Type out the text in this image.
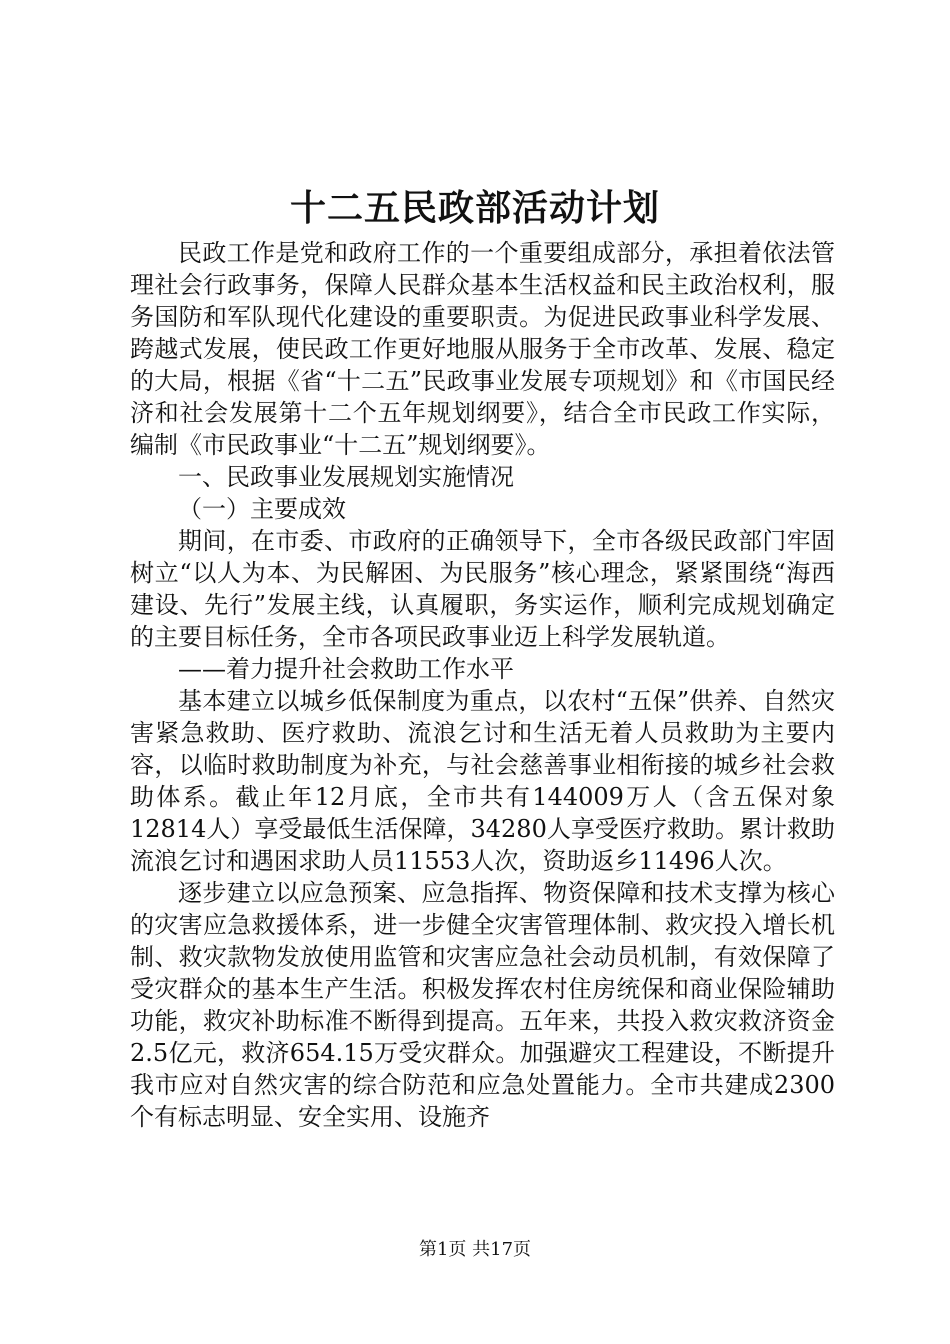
十二五民政部活动计划

民政工作是党和政府工作的一个重要组成部分，承担着依法管理社会行政事务，保障人民群众基本生活权益和民主政治权利，服务国防和军队现代化建设的重要职责。为促进民政事业科学发展、跨越式发展，使民政工作更好地服从服务于全市改革、发展、稳定的大局，根据《省“十二五”民政事业发展专项规划》和《市国民经济和社会发展第十二个五年规划纲要》，结合全市民政工作实际，编制《市民政事业“十二五”规划纲要》。

一、民政事业发展规划实施情况

（一）主要成效

期间，在市委、市政府的正确领导下，全市各级民政部门牢固树立“以人为本、为民解困、为民服务”核心理念，紧紧围绕“海西建设、先行”发展主线，认真履职，务实运作，顺利完成规划确定的主要目标任务，全市各项民政事业迈上科学发展轨道。

——着力提升社会救助工作水平

基本建立以城乡低保制度为重点，以农村“五保”供养、自然灾害紧急救助、医疗救助、流浪乞讨和生活无着人员救助为主要内容，以临时救助制度为补充，与社会慈善事业相衔接的城乡社会救助体系。截止年12月底，全市共有144009万人（含五保对象12814人）享受最低生活保障，34280人享受医疗救助。累计救助流浪乞讨和遇困求助人员11553人次，资助返乡11496人次。

逐步建立以应急预案、应急指挥、物资保障和技术支撑为核心的灾害应急救援体系，进一步健全灾害管理体制、救灾投入增长机制、救灾款物发放使用监管和灾害应急社会动员机制，有效保障了受灾群众的基本生产生活。积极发挥农村住房统保和商业保险辅助功能，救灾补助标准不断得到提高。五年来，共投入救灾救济资金2.5亿元，救济654.15万受灾群众。加强避灾工程建设，不断提升我市应对自然灾害的综合防范和应急处置能力。全市共建成2300个有标志明显、安全实用、设施齐

第1页 共17页
